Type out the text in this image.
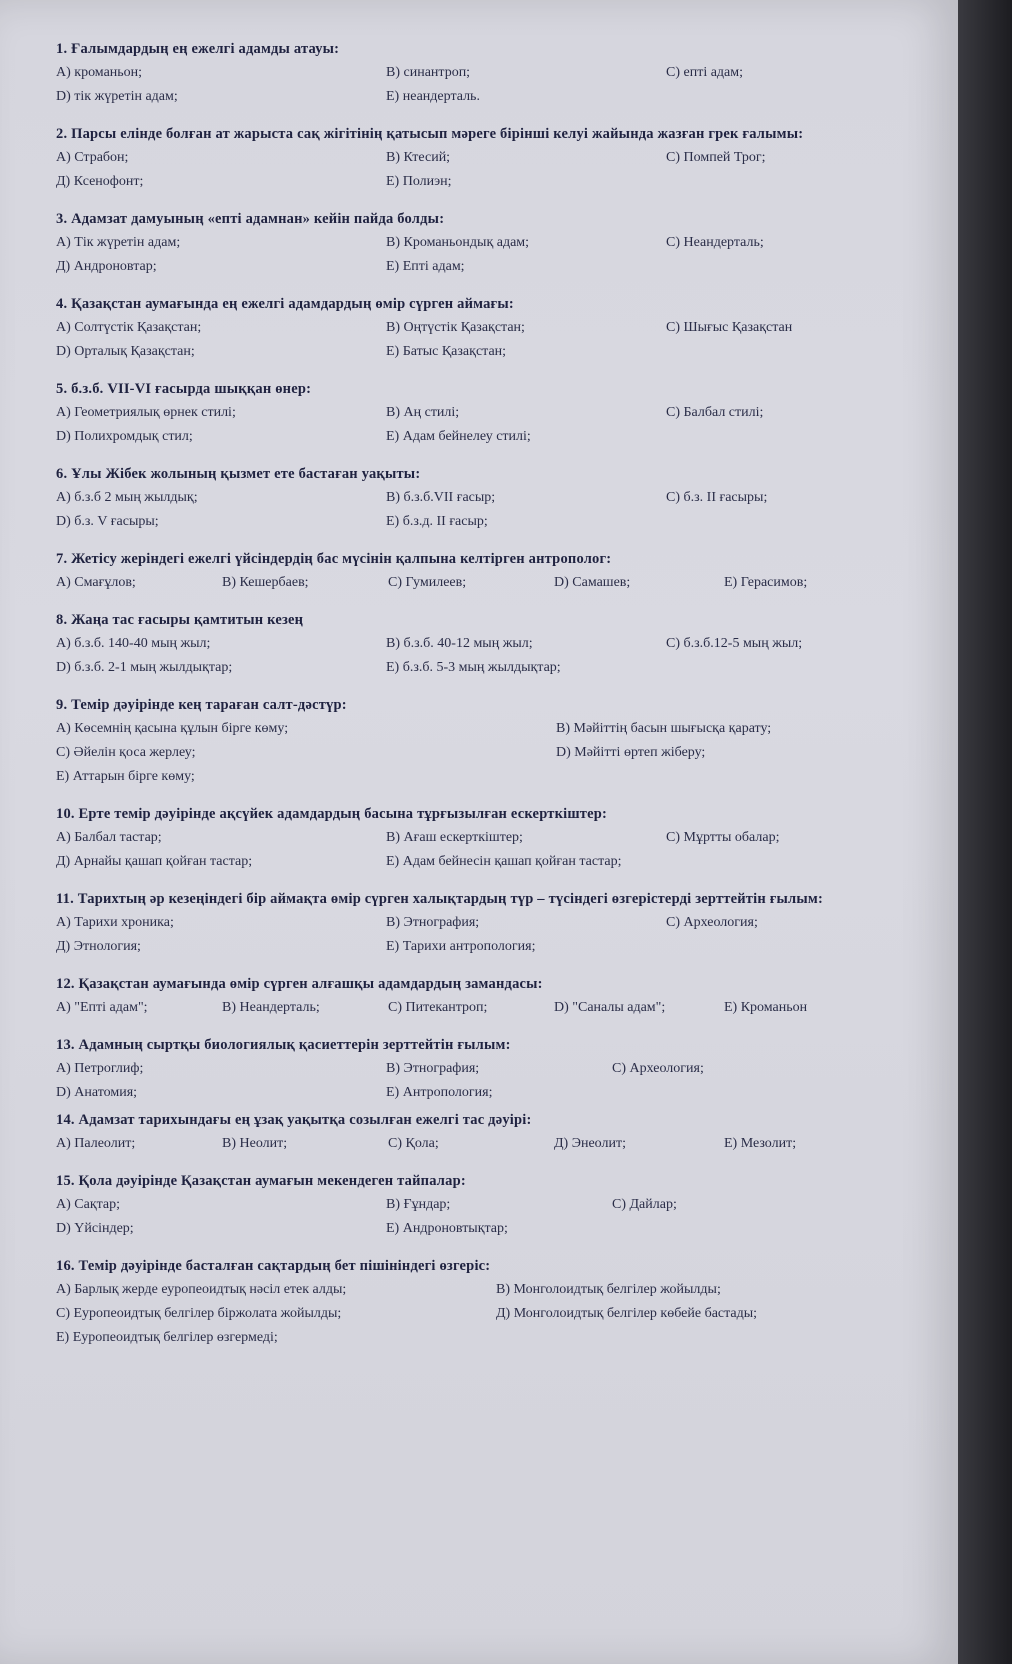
1. Ғалымдардың ең ежелгі адамды атауы:
А) кроманьон;	В) синантроп;	С) епті адам;
D) тік жүретін адам;	Е) неандерталь.
2. Парсы елінде болған ат жарыста сақ жігітінің қатысып мәреге бірінші келуі жайында жазған грек ғалымы:
А) Страбон;	В) Ктесий;	С) Помпей Трог;
Д) Ксенофонт;	Е) Полиэн;
3. Адамзат дамуының «епті адамнан» кейін пайда болды:
А) Тік жүретін адам;	В) Кроманьондық адам;	С) Неандерталь;
Д) Андроновтар;	Е) Епті адам;
4. Қазақстан аумағында ең ежелгі адамдардың өмір сүрген аймағы:
А) Солтүстік Қазақстан;	В) Оңтүстік Қазақстан;	С) Шығыс Қазақстан
D) Орталық Қазақстан;	Е) Батыс Қазақстан;
5. б.з.б. VII-VI ғасырда шыққан өнер:
А) Геометриялық өрнек стилі;	В) Аң стилі;	С) Балбал стилі;
D) Полихромдық стил;	Е) Адам бейнелеу стилі;
6. Ұлы Жібек жолының қызмет ете бастаған уақыты:
А) б.з.б 2 мың жылдық;	В) б.з.б.VII ғасыр;	С) б.з. II ғасыры;
D) б.з. V ғасыры;	Е) б.з.д. II ғасыр;
7. Жетісу жеріндегі ежелгі үйсіндердің бас мүсінін қалпына келтірген антрополог:
А) Смағұлов;	В) Кешербаев;	С) Гумилеев;	D) Самашев;	Е) Герасимов;
8. Жаңа тас ғасыры қамтитын кезең
А) б.з.б. 140-40 мың жыл;	В) б.з.б. 40-12 мың жыл;	С) б.з.б.12-5 мың жыл;
D) б.з.б. 2-1 мың жылдықтар;	Е) б.з.б. 5-3 мың жылдықтар;
9. Темір дәуірінде кең тараған салт-дәстүр:
А) Көсемнің қасына құлын бірге көму;	В) Мәйіттің басын шығысқа қарату;
С) Әйелін қоса жерлеу;	D) Мәйітті өртеп жіберу;
Е) Аттарын бірге көму;
10. Ерте темір дәуірінде ақсүйек адамдардың басына тұрғызылған ескерткіштер:
А) Балбал тастар;	В) Ағаш ескерткіштер;	С) Мұртты обалар;
Д) Арнайы қашап қойған тастар;	Е) Адам бейнесін қашап қойған тастар;
11. Тарихтың әр кезеңіндегі бір аймақта өмір сүрген халықтардың түр – түсіндегі өзгерістерді зерттейтін ғылым:
А) Тарихи хроника;	В) Этнография;	С) Археология;
Д) Этнология;	Е) Тарихи антропология;
12. Қазақстан аумағында өмір сүрген алғашқы адамдардың замандасы:
А) "Епті адам";	В) Неандерталь;	С) Питекантроп;	D) "Саналы адам";	Е) Кроманьон
13. Адамның сыртқы биологиялық қасиеттерін зерттейтін ғылым:
А) Петроглиф;	В) Этнография;	С) Археология;
D) Анатомия;	Е) Антропология;
14. Адамзат тарихындағы ең ұзақ уақытқа созылған ежелгі тас дәуірі:
А) Палеолит;	В) Неолит;	С) Қола;	Д) Энеолит;	Е) Мезолит;
15. Қола дәуірінде Қазақстан аумағын мекендеген тайпалар:
А) Сақтар;	В) Ғұндар;	С) Дайлар;
D) Үйсіндер;	Е) Андроновтықтар;
16. Темір дәуірінде басталған сақтардың бет пішініндегі өзгеріс:
А) Барлық жерде еуропеоидтық нәсіл етек алды;	В) Монголоидтық белгілер жойылды;
С) Еуропеоидтық белгілер біржолата жойылды;	Д) Монголоидтық белгілер көбейе бастады;
Е) Еуропеоидтық белгілер өзгермеді;
